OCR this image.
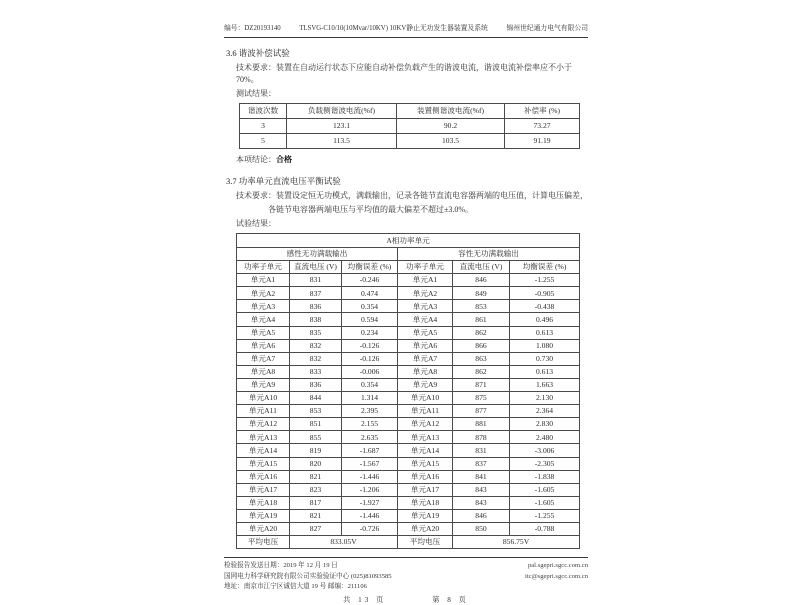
编号：DZ20193140	TLSVG-C10/10(10Mvar/10KV) 10KV静止无功发生器装置及系统	锦州世纪通力电气有限公司
3.6 谐波补偿试验
技术要求：装置在自动运行状态下应能自动补偿负载产生的谐波电流，谐波电流补偿率应不小于 70%。
测试结果：
谐波次数	负载侧谐波电流(%f)	装置侧谐波电流(%f)	补偿率 (%)
3	123.1	90.2	73.27
5	113.5	103.5	91.19
本项结论：合格
3.7 功率单元直流电压平衡试验
技术要求：装置设定恒无功模式，满载输出，记录各链节直流电容器两端的电压值，计算电压偏差，
各链节电容器两端电压与平均值的最大偏差不超过±3.0%。
试验结果：
A相功率单元					
感性无功满载输出			容性无功满载输出		
功率子单元	直流电压 (V)	均衡误差 (%)	功率子单元	直流电压 (V)	均衡误差 (%)
单元A1	831	-0.246	单元A1	846	-1.255
单元A2	837	0.474	单元A2	849	-0.905
单元A3	836	0.354	单元A3	853	-0.438
单元A4	838	0.594	单元A4	861	0.496
单元A5	835	0.234	单元A5	862	0.613
单元A6	832	-0.126	单元A6	866	1.080
单元A7	832	-0.126	单元A7	863	0.730
单元A8	833	-0.006	单元A8	862	0.613
单元A9	836	0.354	单元A9	871	1.663
单元A10	844	1.314	单元A10	875	2.130
单元A11	853	2.395	单元A11	877	2.364
单元A12	851	2.155	单元A12	881	2.830
单元A13	855	2.635	单元A13	878	2.480
单元A14	819	-1.687	单元A14	831	-3.006
单元A15	820	-1.567	单元A15	837	-2.305
单元A16	821	-1.446	单元A16	841	-1.838
单元A17	823	-1.206	单元A17	843	-1.605
单元A18	817	-1.927	单元A18	843	-1.605
单元A19	821	-1.446	单元A19	846	-1.255
单元A20	827	-0.726	单元A20	850	-0.788
平均电压	833.05V		平均电压	856.75V	
检验报告发送日期：2019 年 12 月 19 日	pal.sgepri.sgcc.com.cn
国网电力科学研究院有限公司实验验证中心 (025)81093585	itc@sgepri.sgcc.com.cn
地址：南京市江宁区诚信大道 19 号 邮编：211106
共 13 页	第 8 页
